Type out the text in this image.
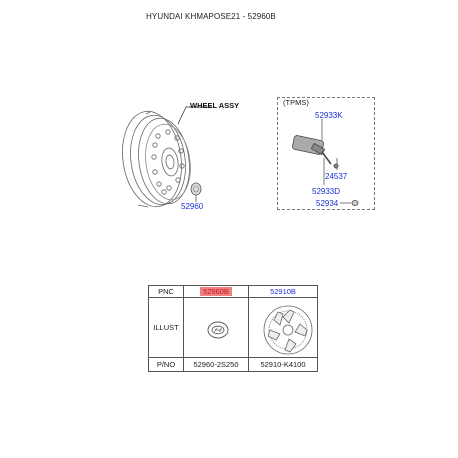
HYUNDAI KHMAPOSE21 - 52960B
WHEEL ASSY
52960
(TPMS)
52933K
24537
52933D
52934
PNC	52960B	52910B
ILLUST		
P/NO	52960-2S250	52910-K4100
